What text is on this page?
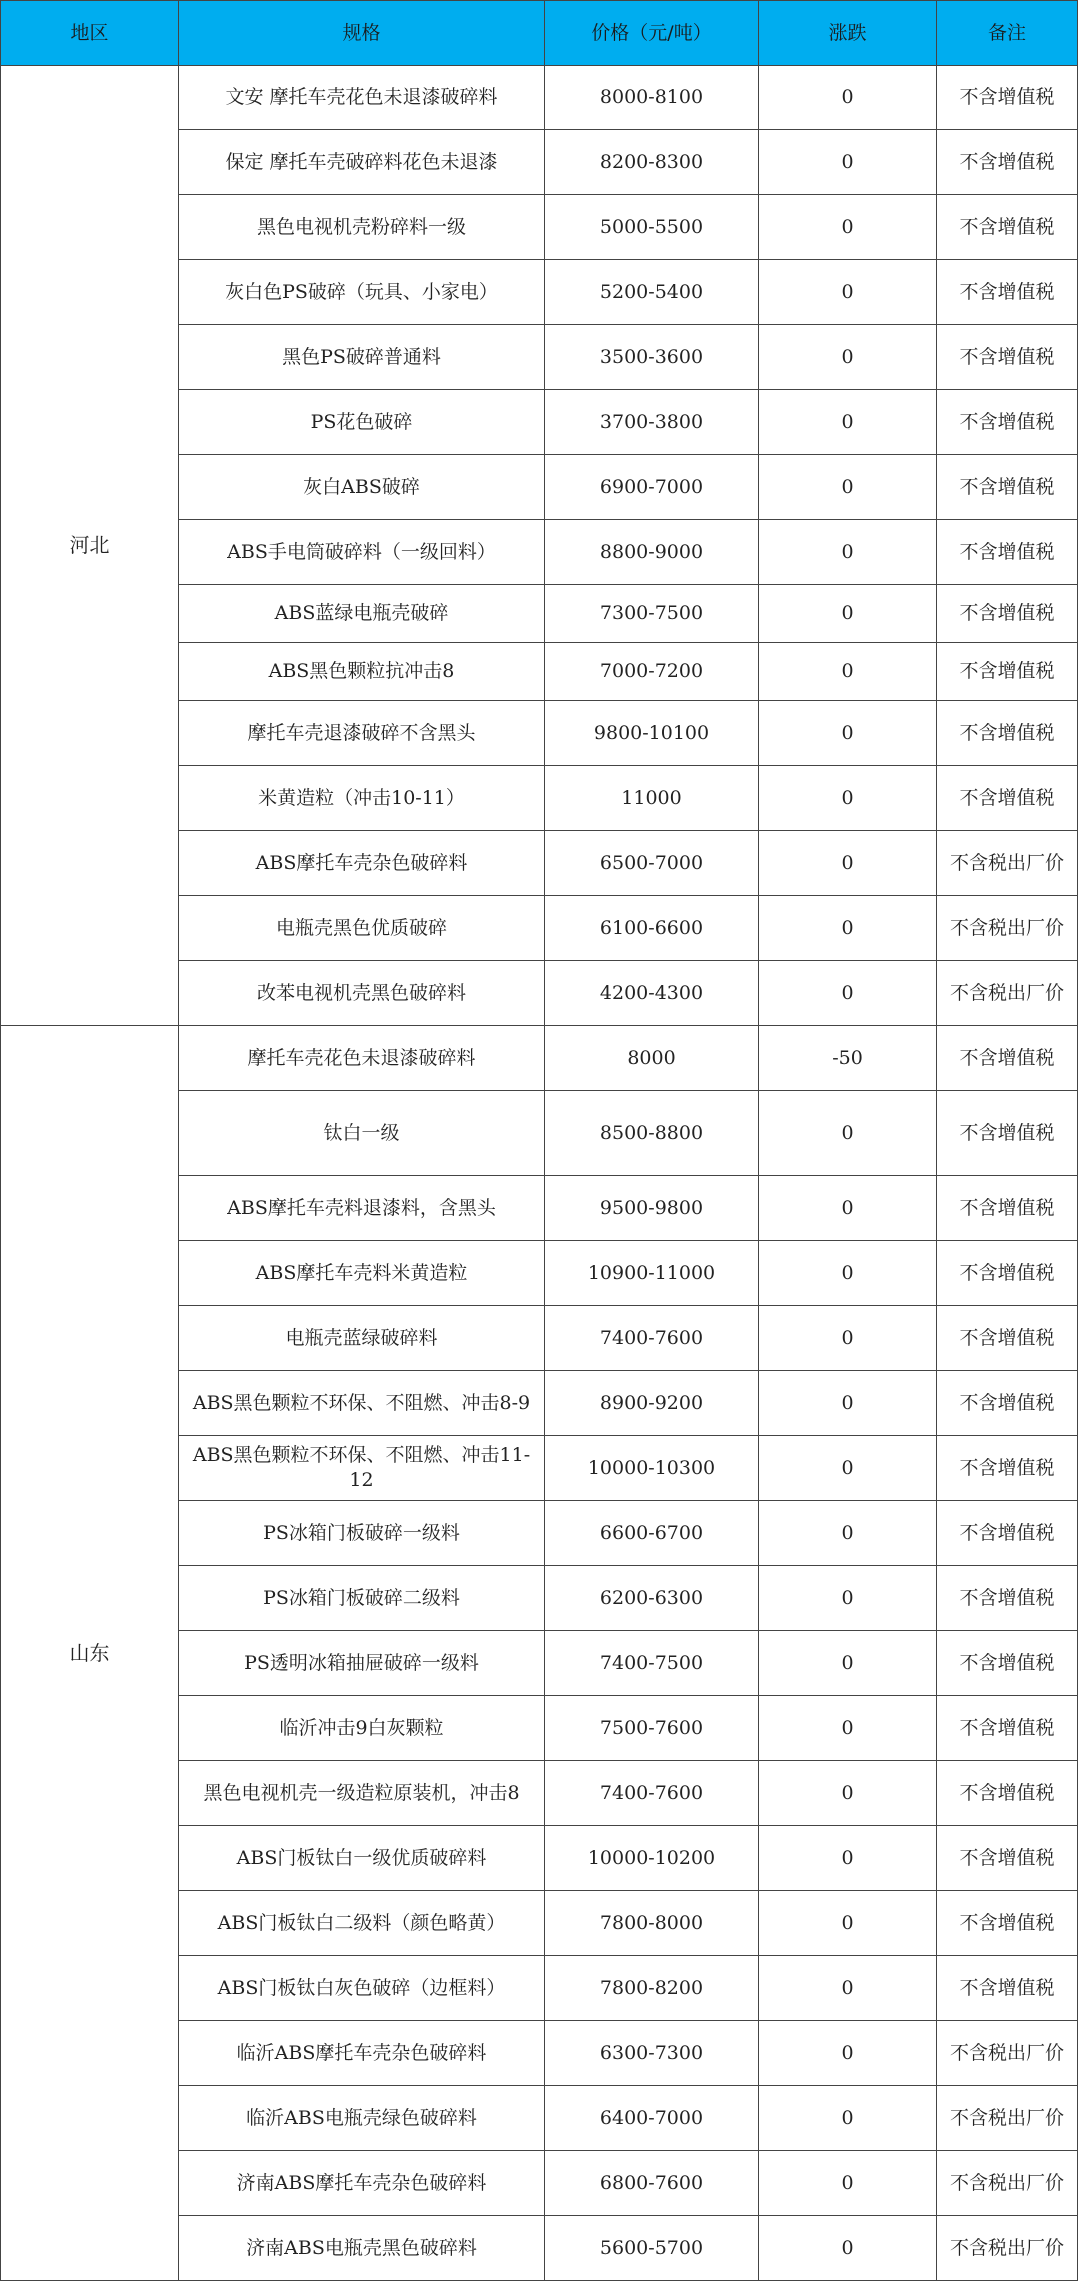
地区	规格	价格（元/吨）	涨跌	备注
河北	文安 摩托车壳花色未退漆破碎料	8000-8100	0	不含增值税
	保定 摩托车壳破碎料花色未退漆	8200-8300	0	不含增值税
	黑色电视机壳粉碎料一级	5000-5500	0	不含增值税
	灰白色PS破碎（玩具、小家电）	5200-5400	0	不含增值税
	黑色PS破碎普通料	3500-3600	0	不含增值税
	PS花色破碎	3700-3800	0	不含增值税
	灰白ABS破碎	6900-7000	0	不含增值税
	ABS手电筒破碎料（一级回料）	8800-9000	0	不含增值税
	ABS蓝绿电瓶壳破碎	7300-7500	0	不含增值税
	ABS黑色颗粒抗冲击8	7000-7200	0	不含增值税
	摩托车壳退漆破碎不含黑头	9800-10100	0	不含增值税
	米黄造粒（冲击10-11）	11000	0	不含增值税
	ABS摩托车壳杂色破碎料	6500-7000	0	不含税出厂价
	电瓶壳黑色优质破碎	6100-6600	0	不含税出厂价
	改苯电视机壳黑色破碎料	4200-4300	0	不含税出厂价
山东	摩托车壳花色未退漆破碎料	8000	-50	不含增值税
	钛白一级	8500-8800	0	不含增值税
	ABS摩托车壳料退漆料，含黑头	9500-9800	0	不含增值税
	ABS摩托车壳料米黄造粒	10900-11000	0	不含增值税
	电瓶壳蓝绿破碎料	7400-7600	0	不含增值税
	ABS黑色颗粒不环保、不阻燃、冲击8-9	8900-9200	0	不含增值税
	ABS黑色颗粒不环保、不阻燃、冲击11-12	10000-10300	0	不含增值税
	PS冰箱门板破碎一级料	6600-6700	0	不含增值税
	PS冰箱门板破碎二级料	6200-6300	0	不含增值税
	PS透明冰箱抽屉破碎一级料	7400-7500	0	不含增值税
	临沂冲击9白灰颗粒	7500-7600	0	不含增值税
	黑色电视机壳一级造粒原装机，冲击8	7400-7600	0	不含增值税
	ABS门板钛白一级优质破碎料	10000-10200	0	不含增值税
	ABS门板钛白二级料（颜色略黄）	7800-8000	0	不含增值税
	ABS门板钛白灰色破碎（边框料）	7800-8200	0	不含增值税
	临沂ABS摩托车壳杂色破碎料	6300-7300	0	不含税出厂价
	临沂ABS电瓶壳绿色破碎料	6400-7000	0	不含税出厂价
	济南ABS摩托车壳杂色破碎料	6800-7600	0	不含税出厂价
	济南ABS电瓶壳黑色破碎料	5600-5700	0	不含税出厂价
